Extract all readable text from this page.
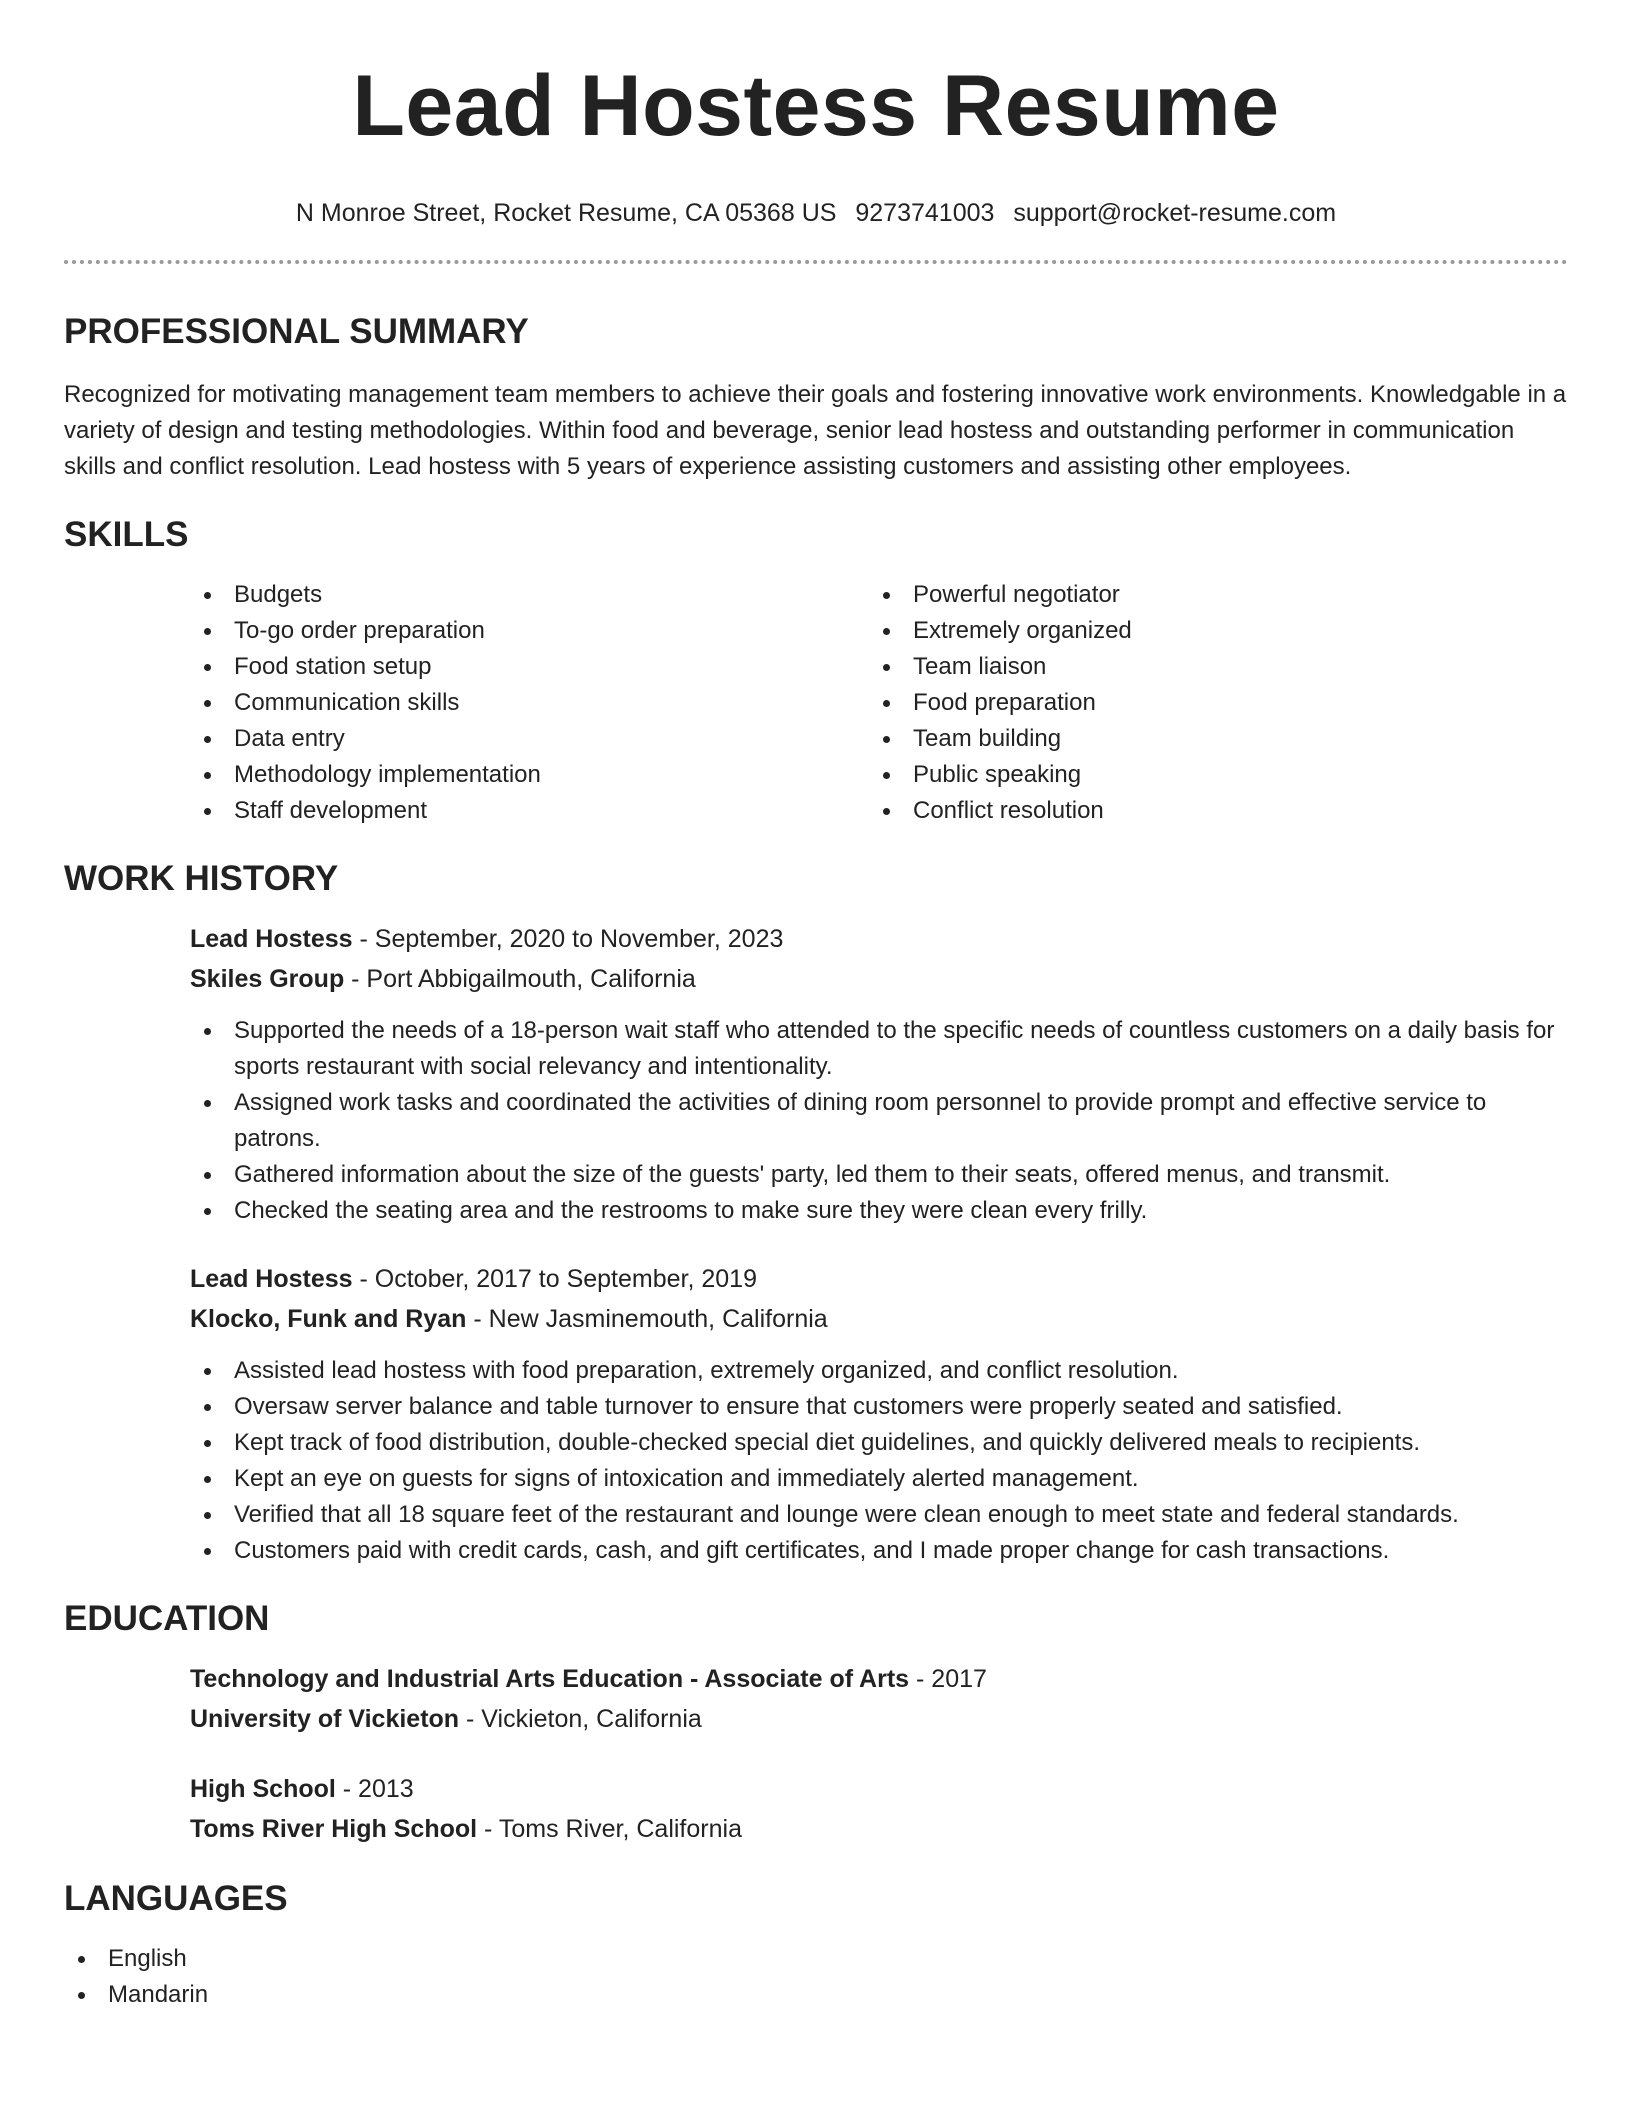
Lead Hostess Resume
N Monroe Street, Rocket Resume, CA 05368 US 9273741003 support@rocket-resume.com
PROFESSIONAL SUMMARY

Recognized for motivating management team members to achieve their goals and fostering innovative work environments. Knowledgable in a variety of design and testing methodologies. Within food and beverage, senior lead hostess and outstanding performer in communication skills and conflict resolution. Lead hostess with 5 years of experience assisting customers and assisting other employees.

SKILLS
Budgets
To-go order preparation
Food station setup
Communication skills
Data entry
Methodology implementation
Staff development
Powerful negotiator
Extremely organized
Team liaison
Food preparation
Team building
Public speaking
Conflict resolution
WORK HISTORY
Lead Hostess - September, 2020 to November, 2023
Skiles Group - Port Abbigailmouth, California
Supported the needs of a 18-person wait staff who attended to the specific needs of countless customers on a daily basis for sports restaurant with social relevancy and intentionality.
Assigned work tasks and coordinated the activities of dining room personnel to provide prompt and effective service to patrons.
Gathered information about the size of the guests' party, led them to their seats, offered menus, and transmit.
Checked the seating area and the restrooms to make sure they were clean every frilly.
Lead Hostess - October, 2017 to September, 2019
Klocko, Funk and Ryan - New Jasminemouth, California
Assisted lead hostess with food preparation, extremely organized, and conflict resolution.
Oversaw server balance and table turnover to ensure that customers were properly seated and satisfied.
Kept track of food distribution, double-checked special diet guidelines, and quickly delivered meals to recipients.
Kept an eye on guests for signs of intoxication and immediately alerted management.
Verified that all 18 square feet of the restaurant and lounge were clean enough to meet state and federal standards.
Customers paid with credit cards, cash, and gift certificates, and I made proper change for cash transactions.
EDUCATION
Technology and Industrial Arts Education - Associate of Arts - 2017
University of Vickieton - Vickieton, California
High School - 2013
Toms River High School - Toms River, California
LANGUAGES
English
Mandarin
